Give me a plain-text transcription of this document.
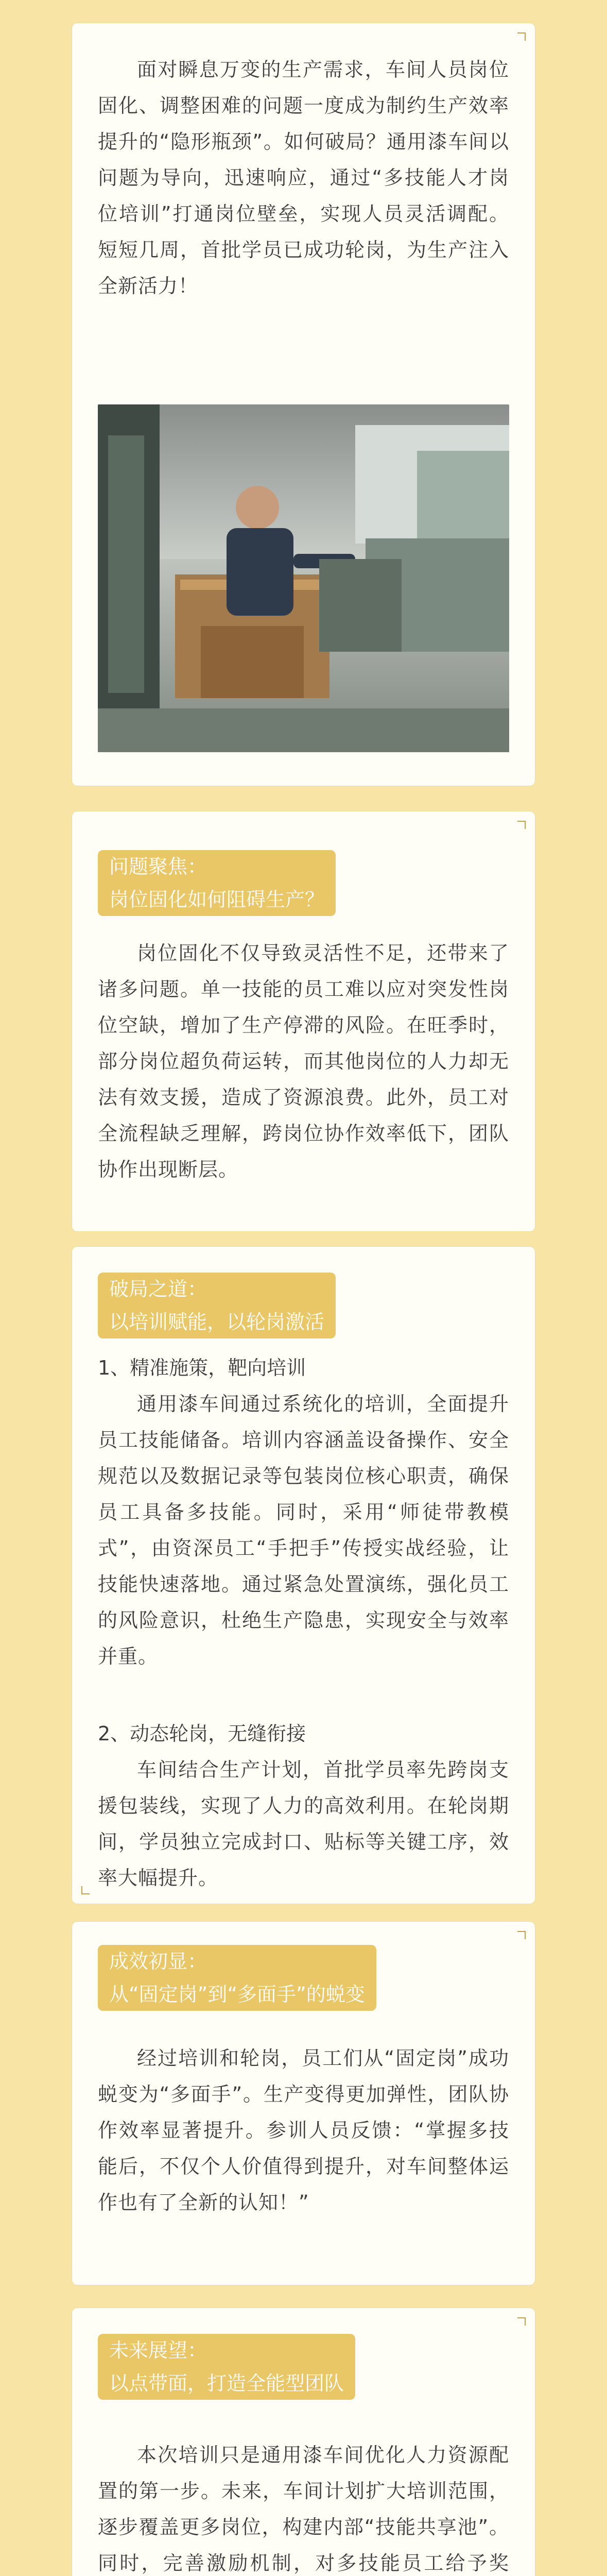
面对瞬息万变的生产需求，车间人员岗位固化、调整困难的问题一度成为制约生产效率提升的“隐形瓶颈”。如何破局？通用漆车间以问题为导向，迅速响应，通过“多技能人才岗位培训”打通岗位壁垒，实现人员灵活调配。短短几周，首批学员已成功轮岗，为生产注入全新活力！

问题聚焦：
岗位固化如何阻碍生产？

岗位固化不仅导致灵活性不足，还带来了诸多问题。单一技能的员工难以应对突发性岗位空缺，增加了生产停滞的风险。在旺季时，部分岗位超负荷运转，而其他岗位的人力却无法有效支援，造成了资源浪费。此外，员工对全流程缺乏理解，跨岗位协作效率低下，团队协作出现断层。

破局之道：
以培训赋能，以轮岗激活
1、精准施策，靶向培训

通用漆车间通过系统化的培训，全面提升员工技能储备。培训内容涵盖设备操作、安全规范以及数据记录等包装岗位核心职责，确保员工具备多技能。同时，采用“师徒带教模式”，由资深员工“手把手”传授实战经验，让技能快速落地。通过紧急处置演练，强化员工的风险意识，杜绝生产隐患，实现安全与效率并重。

2、动态轮岗，无缝衔接

车间结合生产计划，首批学员率先跨岗支援包装线，实现了人力的高效利用。在轮岗期间，学员独立完成封口、贴标等关键工序，效率大幅提升。

成效初显：
从“固定岗”到“多面手”的蜕变

经过培训和轮岗，员工们从“固定岗”成功蜕变为“多面手”。生产变得更加弹性，团队协作效率显著提升。参训人员反馈：“掌握多技能后，不仅个人价值得到提升，对车间整体运作也有了全新的认知！”

未来展望：
以点带面，打造全能型团队

本次培训只是通用漆车间优化人力资源配置的第一步。未来，车间计划扩大培训范围，逐步覆盖更多岗位，构建内部“技能共享池”。同时，完善激励机制，对多技能员工给予奖
